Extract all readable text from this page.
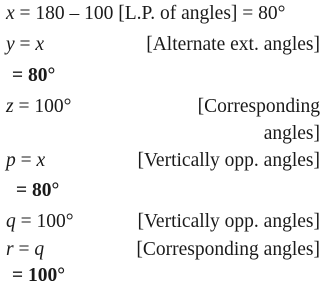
x = 180 – 100 [L.P. of angles] = 80°
y = x	[Alternate ext. angles]
= 80°
z = 100°	[Corresponding
angles]
p = x	[Vertically opp. angles]
= 80°
q = 100°	[Vertically opp. angles]
r = q	[Corresponding angles]
= 100°
